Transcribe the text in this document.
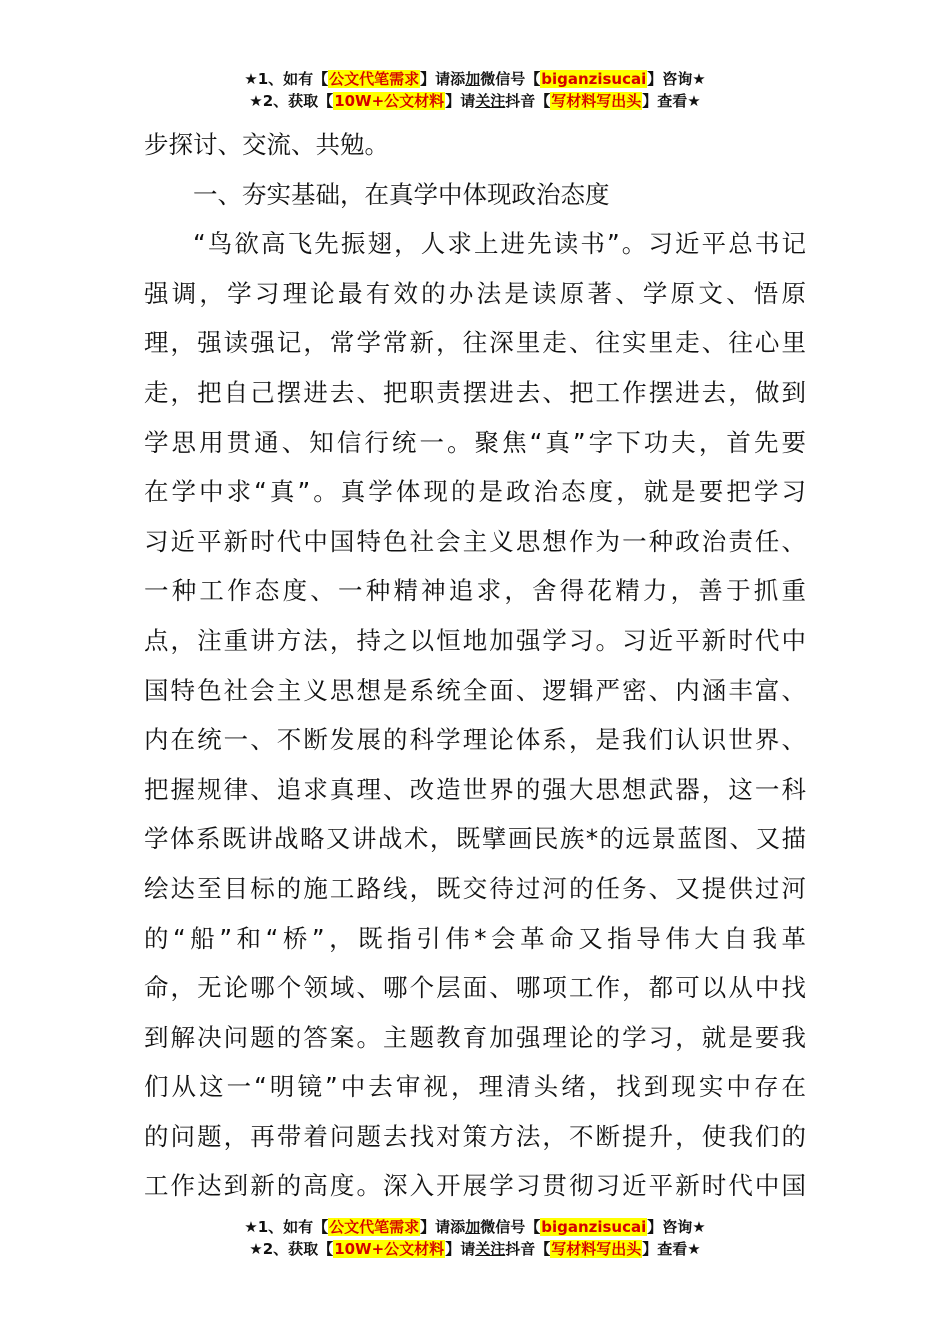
★1、如有【公文代笔需求】请添加微信号【biganzisucai】咨询★
★2、获取【10W+公文材料】请关注抖音【写材料写出头】查看★
步探讨、交流、共勉。
一、夯实基础，在真学中体现政治态度
“鸟欲高飞先振翅，人求上进先读书”。习近平总书记
强调，学习理论最有效的办法是读原著、学原文、悟原
理，强读强记，常学常新，往深里走、往实里走、往心里
走，把自己摆进去、把职责摆进去、把工作摆进去，做到
学思用贯通、知信行统一。聚焦“真”字下功夫，首先要
在学中求“真”。真学体现的是政治态度，就是要把学习
习近平新时代中国特色社会主义思想作为一种政治责任、
一种工作态度、一种精神追求，舍得花精力，善于抓重
点，注重讲方法，持之以恒地加强学习。习近平新时代中
国特色社会主义思想是系统全面、逻辑严密、内涵丰富、
内在统一、不断发展的科学理论体系，是我们认识世界、
把握规律、追求真理、改造世界的强大思想武器，这一科
学体系既讲战略又讲战术，既擘画民族*的远景蓝图、又描
绘达至目标的施工路线，既交待过河的任务、又提供过河
的“船”和“桥”，既指引伟*会革命又指导伟大自我革
命，无论哪个领域、哪个层面、哪项工作，都可以从中找
到解决问题的答案。主题教育加强理论的学习，就是要我
们从这一“明镜”中去审视，理清头绪，找到现实中存在
的问题，再带着问题去找对策方法，不断提升，使我们的
工作达到新的高度。深入开展学习贯彻习近平新时代中国
★1、如有【公文代笔需求】请添加微信号【biganzisucai】咨询★
★2、获取【10W+公文材料】请关注抖音【写材料写出头】查看★
